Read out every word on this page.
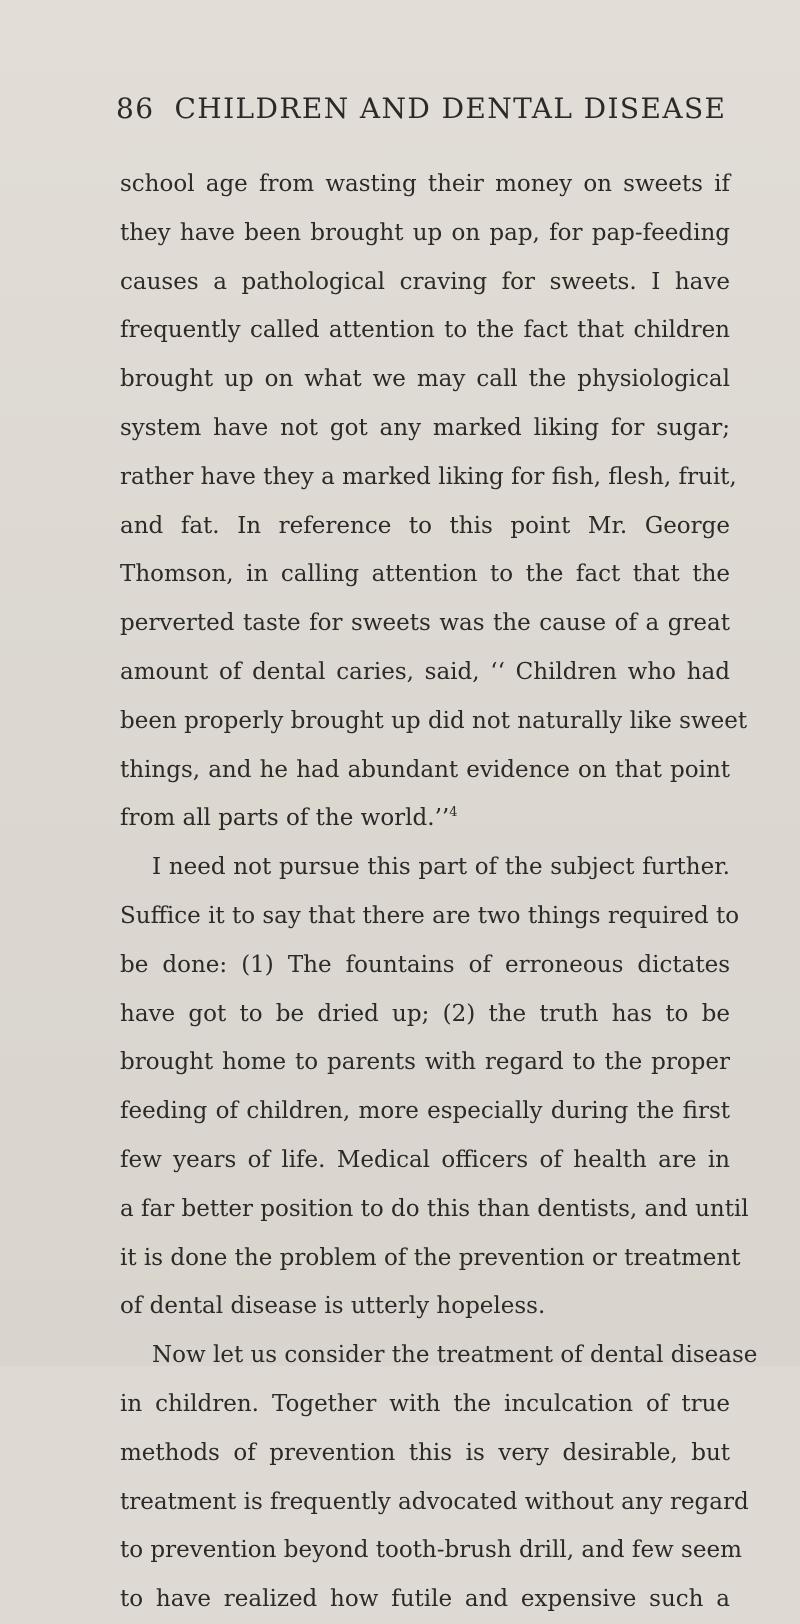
86 CHILDREN AND DENTAL DISEASE
school age from wasting their money on sweets if
they have been brought up on pap, for pap-feeding
causes a pathological craving for sweets. I have
frequently called attention to the fact that children
brought up on what we may call the physiological
system have not got any marked liking for sugar;
rather have they a marked liking for fish, flesh, fruit,
and fat. In reference to this point Mr. George
Thomson, in calling attention to the fact that the
perverted taste for sweets was the cause of a great
amount of dental caries, said, ‘‘ Children who had
been properly brought up did not naturally like sweet
things, and he had abundant evidence on that point
from all parts of the world.’’$^4$
I need not pursue this part of the subject further.
Suffice it to say that there are two things required to
be done: (1) The fountains of erroneous dictates
have got to be dried up; (2) the truth has to be
brought home to parents with regard to the proper
feeding of children, more especially during the first
few years of life. Medical officers of health are in
a far better position to do this than dentists, and until
it is done the problem of the prevention or treatment
of dental disease is utterly hopeless.
Now let us consider the treatment of dental disease
in children. Together with the inculcation of true
methods of prevention this is very desirable, but
treatment is frequently advocated without any regard
to prevention beyond tooth-brush drill, and few seem
to have realized how futile and expensive such a
